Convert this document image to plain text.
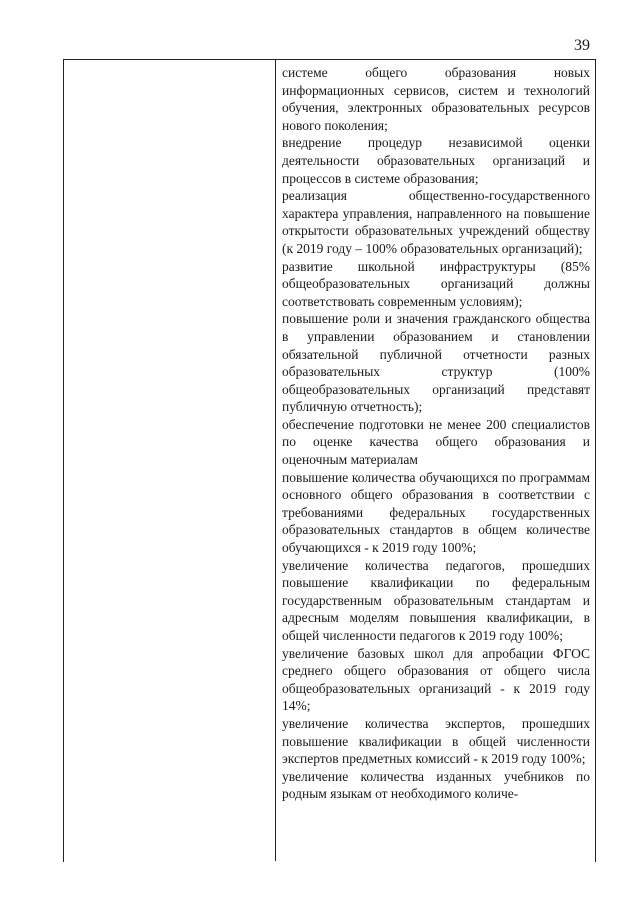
39

системе общего образования новых информационных сервисов, систем и технологий обучения, электронных образовательных ресурсов нового поколения;

внедрение процедур независимой оценки деятельности образовательных организаций и процессов в системе образования;

реализация общественно-государственного характера управления, направленного на повышение открытости образовательных учреждений обществу (к 2019 году – 100% образовательных организаций);

развитие школьной инфраструктуры (85% общеобразовательных организаций должны соответствовать современным условиям);

повышение роли и значения гражданского общества в управлении образованием и становлении обязательной публичной отчетности разных образовательных структур (100% общеобразовательных организаций представят публичную отчетность);

обеспечение подготовки не менее 200 специалистов по оценке качества общего образования и оценочным материалам

повышение количества обучающихся по программам основного общего образования в соответствии с требованиями федеральных государственных образовательных стандартов в общем количестве обучающихся - к 2019 году 100%;

увеличение количества педагогов, прошедших повышение квалификации по федеральным государственным образовательным стандартам и адресным моделям повышения квалификации, в общей численности педагогов к 2019 году 100%;

увеличение базовых школ для апробации ФГОС среднего общего образования от общего числа общеобразовательных организаций - к 2019 году 14%;

увеличение количества экспертов, прошедших повышение квалификации в общей численности экспертов предметных комиссий - к 2019 году 100%;

увеличение количества изданных учебников по родным языкам от необходимого количе-
